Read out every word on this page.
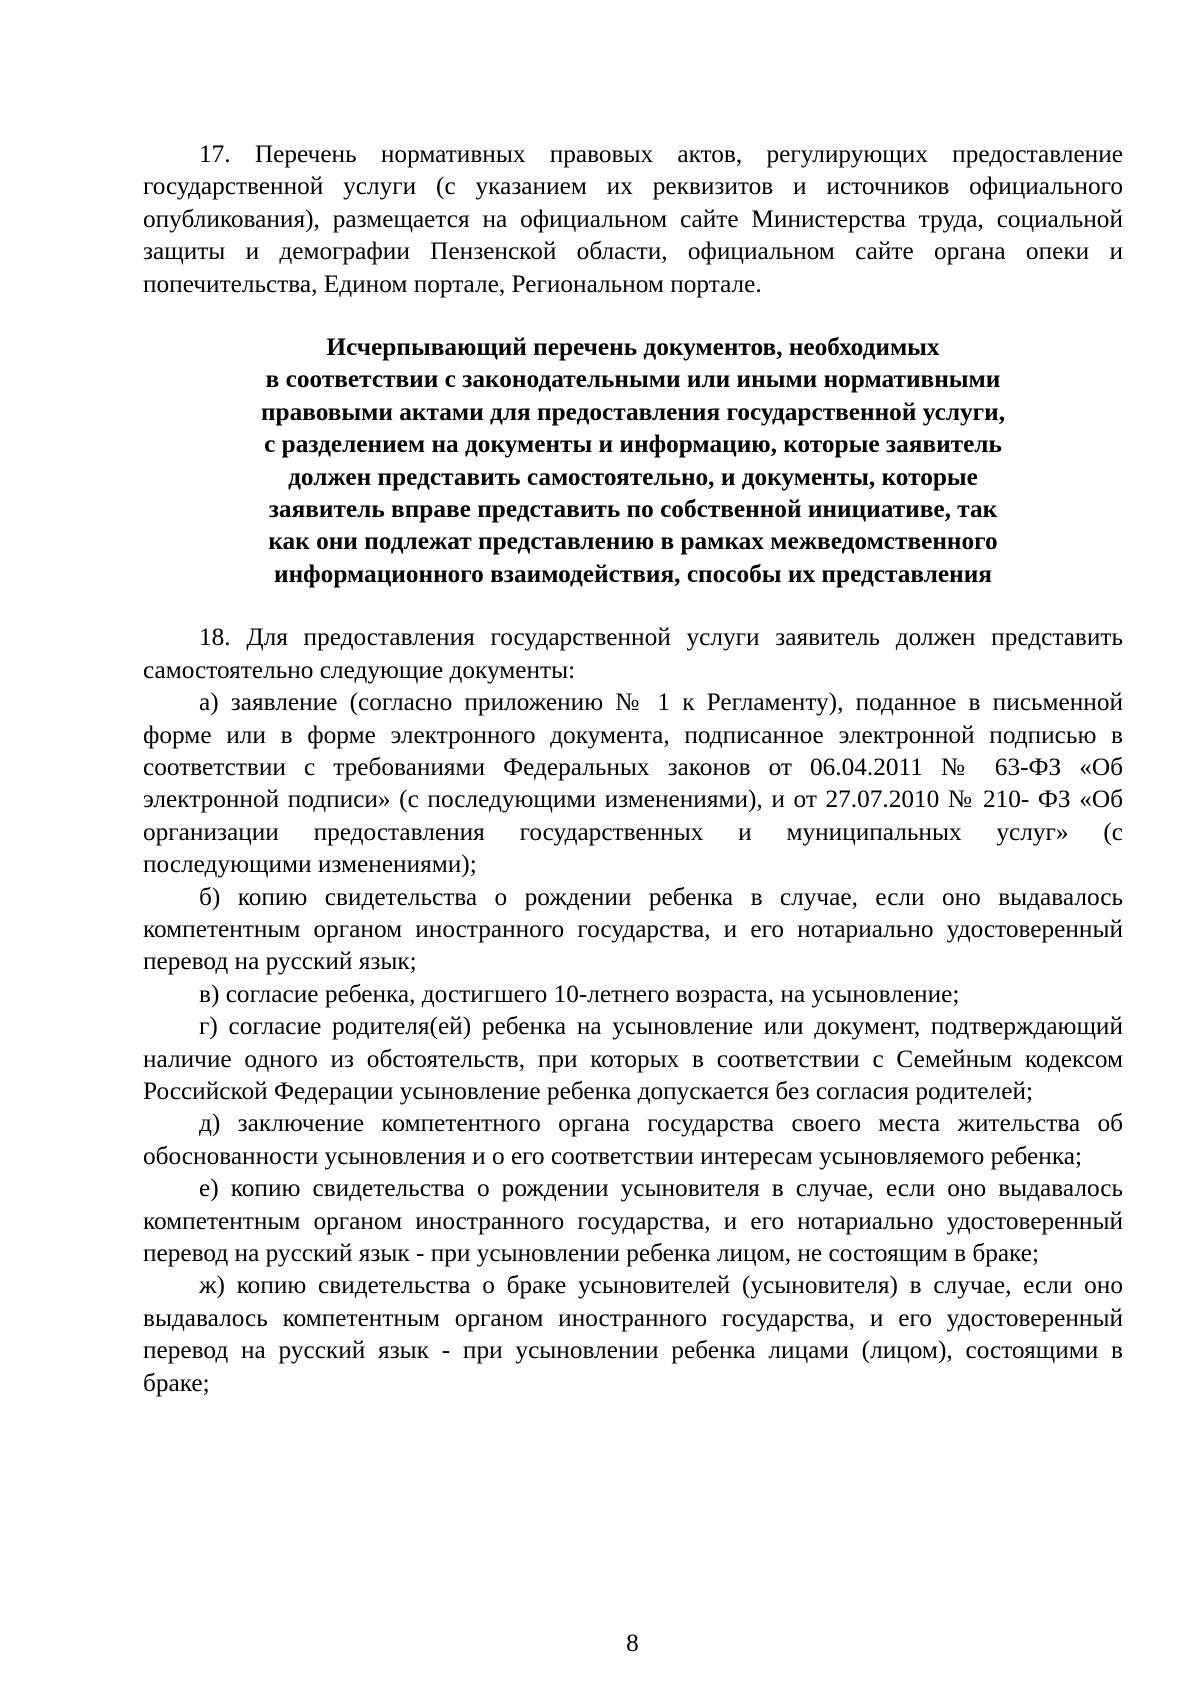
17. Перечень нормативных правовых актов, регулирующих предоставление государственной услуги (с указанием их реквизитов и источников официального опубликования), размещается на официальном сайте Министерства труда, социальной защиты и демографии Пензенской области, официальном сайте органа опеки и попечительства, Едином портале, Региональном портале.

Исчерпывающий перечень документов, необходимых
в соответствии с законодательными или иными нормативными
правовыми актами для предоставления государственной услуги,
с разделением на документы и информацию, которые заявитель
должен представить самостоятельно, и документы, которые
заявитель вправе представить по собственной инициативе, так
как они подлежат представлению в рамках межведомственного
информационного взаимодействия, способы их представления

18. Для предоставления государственной услуги заявитель должен представить самостоятельно следующие документы:

а) заявление (согласно приложению № 1 к Регламенту), поданное в письменной форме или в форме электронного документа, подписанное электронной подписью в соответствии с требованиями Федеральных законов от 06.04.2011 № 63-ФЗ «Об электронной подписи» (с последующими изменениями), и от 27.07.2010 № 210- ФЗ «Об организации предоставления государственных и муниципальных услуг» (с последующими изменениями);

б) копию свидетельства о рождении ребенка в случае, если оно выдавалось компетентным органом иностранного государства, и его нотариально удостоверенный перевод на русский язык;

в) согласие ребенка, достигшего 10-летнего возраста, на усыновление;

г) согласие родителя(ей) ребенка на усыновление или документ, подтверждающий наличие одного из обстоятельств, при которых в соответствии с Семейным кодексом Российской Федерации усыновление ребенка допускается без согласия родителей;

д) заключение компетентного органа государства своего места жительства об обоснованности усыновления и о его соответствии интересам усыновляемого ребенка;

е) копию свидетельства о рождении усыновителя в случае, если оно выдавалось компетентным органом иностранного государства, и его нотариально удостоверенный перевод на русский язык - при усыновлении ребенка лицом, не состоящим в браке;

ж) копию свидетельства о браке усыновителей (усыновителя) в случае, если оно выдавалось компетентным органом иностранного государства, и его удостоверенный перевод на русский язык - при усыновлении ребенка лицами (лицом), состоящими в браке;

8
